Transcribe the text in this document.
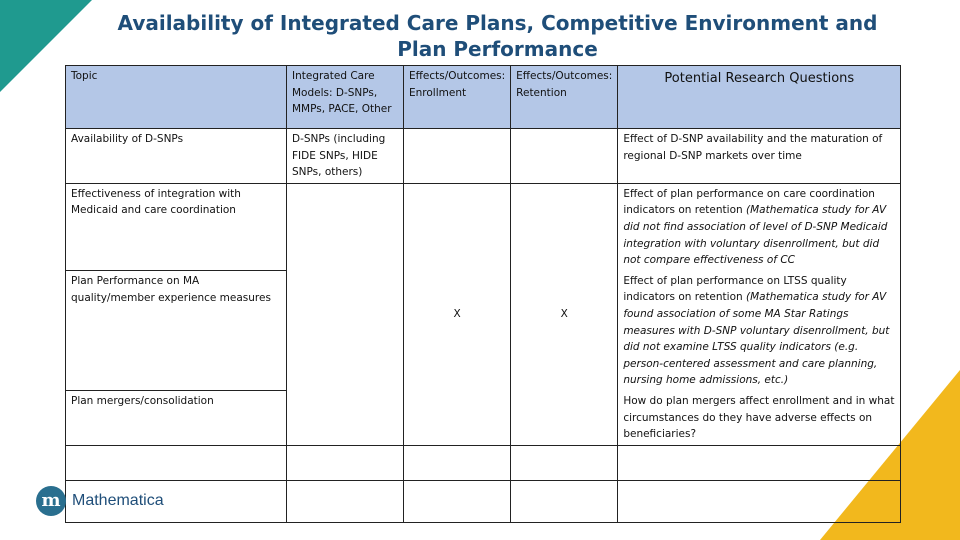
Availability of Integrated Care Plans, Competitive Environment and Plan Performance
Topic	Integrated Care Models: D-SNPs, MMPs, PACE, Other	Effects/Outcomes: Enrollment	Effects/Outcomes: Retention	Potential Research Questions
Availability of D-SNPs	D-SNPs (including FIDE SNPs, HIDE SNPs, others)			Effect of D-SNP availability and the maturation of regional D-SNP markets over time
Effectiveness of integration with Medicaid and care coordination		X	X	Effect of plan performance on care coordination indicators on retention (Mathematica study for AV did not find association of level of D-SNP Medicaid integration with voluntary disenrollment, but did not compare effectiveness of CC
Plan Performance on MA quality/member experience measures				Effect of plan performance on LTSS quality indicators on retention (Mathematica study for AV found association of some MA Star Ratings measures with D-SNP voluntary disenrollment, but did not examine LTSS quality indicators (e.g. person-centered assessment and care planning, nursing home admissions, etc.)
Plan mergers/consolidation				How do plan mergers affect enrollment and in what circumstances do they have adverse effects on beneficiaries?

m Mathematica
